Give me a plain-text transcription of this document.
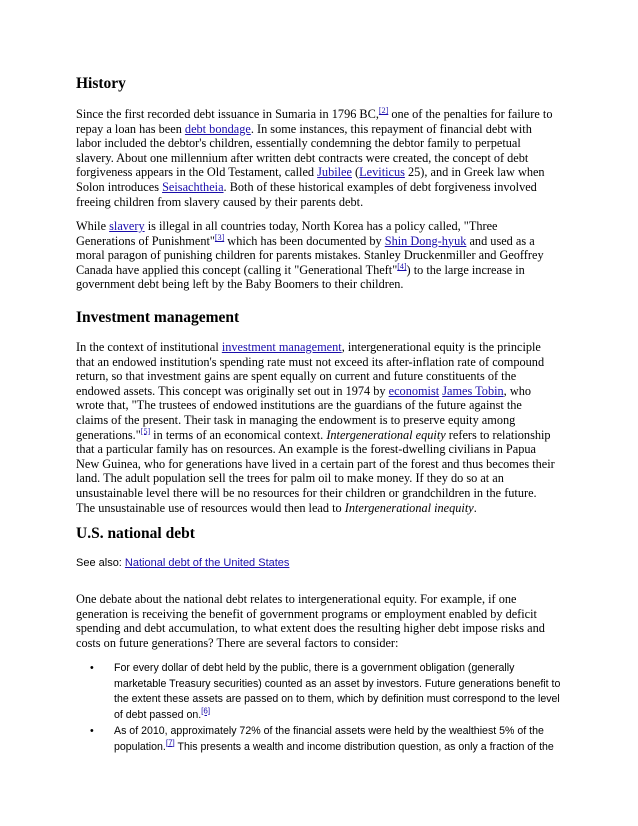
History
Since the first recorded debt issuance in Sumaria in 1796 BC,[2] one of the penalties for failure to
repay a loan has been debt bondage. In some instances, this repayment of financial debt with
labor included the debtor's children, essentially condemning the debtor family to perpetual
slavery. About one millennium after written debt contracts were created, the concept of debt
forgiveness appears in the Old Testament, called Jubilee (Leviticus 25), and in Greek law when
Solon introduces Seisachtheia. Both of these historical examples of debt forgiveness involved
freeing children from slavery caused by their parents debt.
While slavery is illegal in all countries today, North Korea has a policy called, "Three
Generations of Punishment"[3] which has been documented by Shin Dong-hyuk and used as a
moral paragon of punishing children for parents mistakes. Stanley Druckenmiller and Geoffrey
Canada have applied this concept (calling it "Generational Theft"[4]) to the large increase in
government debt being left by the Baby Boomers to their children.
Investment management
In the context of institutional investment management, intergenerational equity is the principle
that an endowed institution's spending rate must not exceed its after-inflation rate of compound
return, so that investment gains are spent equally on current and future constituents of the
endowed assets. This concept was originally set out in 1974 by economist James Tobin, who
wrote that, "The trustees of endowed institutions are the guardians of the future against the
claims of the present. Their task in managing the endowment is to preserve equity among
generations."[5] in terms of an economical context. Intergenerational equity refers to relationship
that a particular family has on resources. An example is the forest-dwelling civilians in Papua
New Guinea, who for generations have lived in a certain part of the forest and thus becomes their
land. The adult population sell the trees for palm oil to make money. If they do so at an
unsustainable level there will be no resources for their children or grandchildren in the future.
The unsustainable use of resources would then lead to Intergenerational inequity.
U.S. national debt
See also: National debt of the United States
One debate about the national debt relates to intergenerational equity. For example, if one
generation is receiving the benefit of government programs or employment enabled by deficit
spending and debt accumulation, to what extent does the resulting higher debt impose risks and
costs on future generations? There are several factors to consider:
• For every dollar of debt held by the public, there is a government obligation (generally
marketable Treasury securities) counted as an asset by investors. Future generations benefit to
the extent these assets are passed on to them, which by definition must correspond to the level
of debt passed on.[6]
• As of 2010, approximately 72% of the financial assets were held by the wealthiest 5% of the
population.[7] This presents a wealth and income distribution question, as only a fraction of the
